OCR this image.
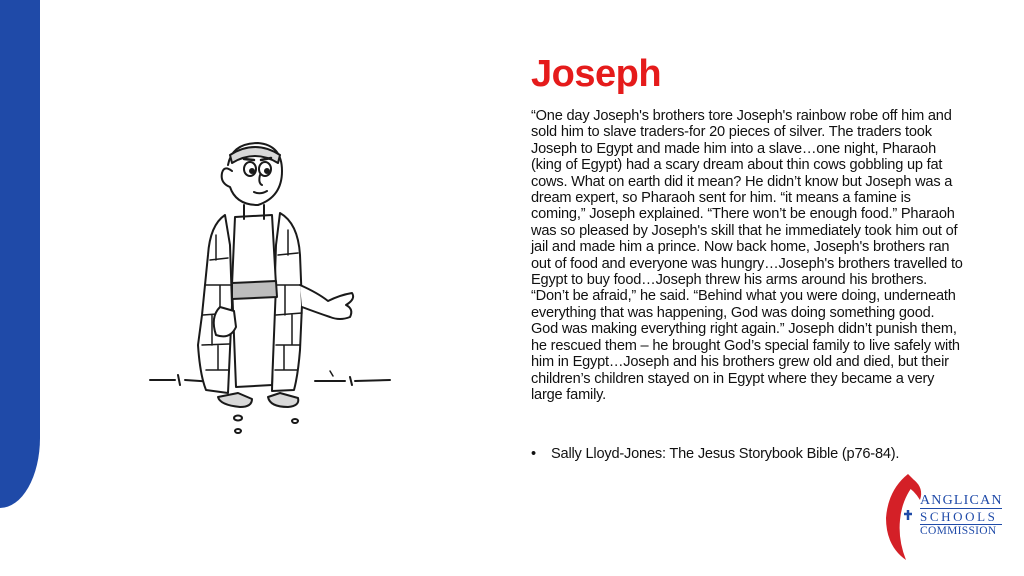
Joseph

“One day Joseph's brothers tore Joseph's rainbow robe off him and sold him to slave traders-for 20 pieces of silver. The traders took Joseph to Egypt and made him into a slave…one night, Pharaoh (king of Egypt) had a scary dream about thin cows gobbling up fat cows. What on earth did it mean? He didn’t know but Joseph was a dream expert, so Pharaoh sent for him. “it means a famine is coming,” Joseph explained. “There won’t be enough food.” Pharaoh was so pleased by Joseph's skill that he immediately took him out of jail and made him a prince. Now back home, Joseph's brothers ran out of food and everyone was hungry…Joseph's brothers travelled to Egypt to buy food…Joseph threw his arms around his brothers. “Don’t be afraid,” he said. “Behind what you were doing, underneath everything that was happening, God was doing something good. God was making everything right again.” Joseph didn’t punish them, he rescued them – he brought God’s special family to live safely with him in Egypt…Joseph and his brothers grew old and died, but their children’s children stayed on in Egypt where they became a very large family.

•	Sally Lloyd-Jones: The Jesus Storybook Bible (p76-84).
ANGLICAN
SCHOOLS
COMMISSION
